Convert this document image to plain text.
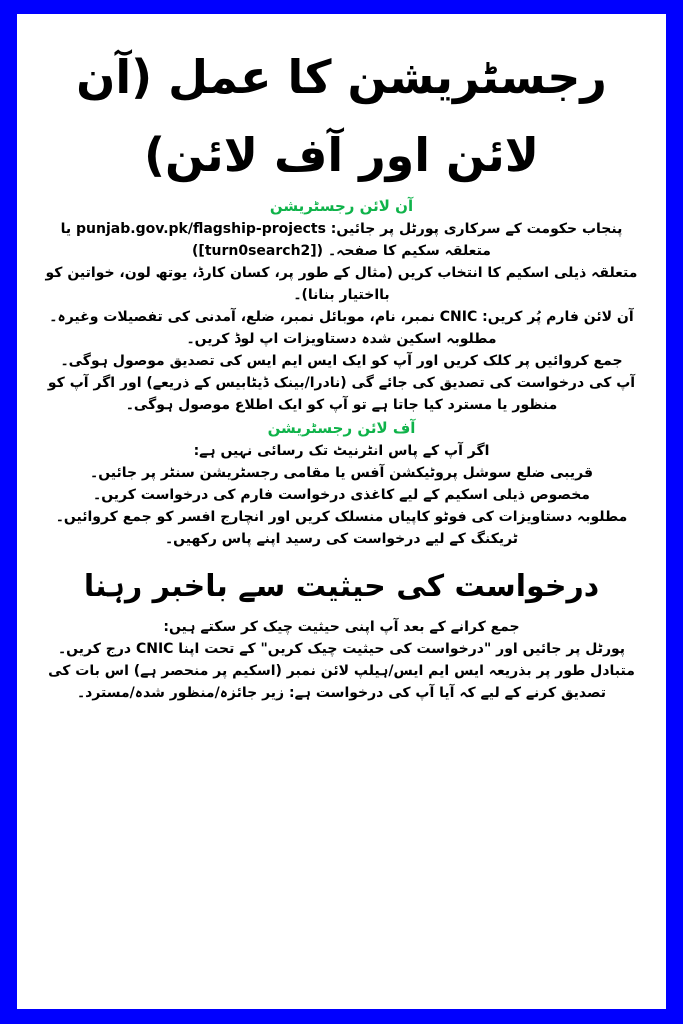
رجسٹریشن کا عمل (آن لائن اور آف لائن)
آن لائن رجسٹریشن

پنجاب حکومت کے سرکاری پورٹل پر جائیں: punjab.gov.pk/flagship-projects یا متعلقہ سکیم کا صفحہ۔ ([turn0search2])

متعلقہ ذیلی اسکیم کا انتخاب کریں (مثال کے طور پر، کسان کارڈ، یوتھ لون، خواتین کو بااختیار بنانا)۔

آن لائن فارم پُر کریں: CNIC نمبر، نام، موبائل نمبر، ضلع، آمدنی کی تفصیلات وغیرہ۔

مطلوبہ اسکین شدہ دستاویزات اپ لوڈ کریں۔

جمع کروائیں پر کلک کریں اور آپ کو ایک ایس ایم ایس کی تصدیق موصول ہوگی۔

آپ کی درخواست کی تصدیق کی جائے گی (نادرا/بینک ڈیٹابیس کے ذریعے) اور اگر آپ کو منظور یا مسترد کیا جاتا ہے تو آپ کو ایک اطلاع موصول ہوگی۔

آف لائن رجسٹریشن

اگر آپ کے پاس انٹرنیٹ تک رسائی نہیں ہے:

قریبی ضلع سوشل پروٹیکشن آفس یا مقامی رجسٹریشن سنٹر پر جائیں۔

مخصوص ذیلی اسکیم کے لیے کاغذی درخواست فارم کی درخواست کریں۔

مطلوبہ دستاویزات کی فوٹو کاپیاں منسلک کریں اور انچارج افسر کو جمع کروائیں۔

ٹریکنگ کے لیے درخواست کی رسید اپنے پاس رکھیں۔

درخواست کی حیثیت سے باخبر رہنا

جمع کرانے کے بعد آپ اپنی حیثیت چیک کر سکتے ہیں:

پورٹل پر جائیں اور "درخواست کی حیثیت چیک کریں" کے تحت اپنا CNIC درج کریں۔

متبادل طور پر بذریعہ ایس ایم ایس/ہیلپ لائن نمبر (اسکیم پر منحصر ہے) اس بات کی تصدیق کرنے کے لیے کہ آیا آپ کی درخواست ہے: زیر جائزہ/منظور شدہ/مسترد۔
